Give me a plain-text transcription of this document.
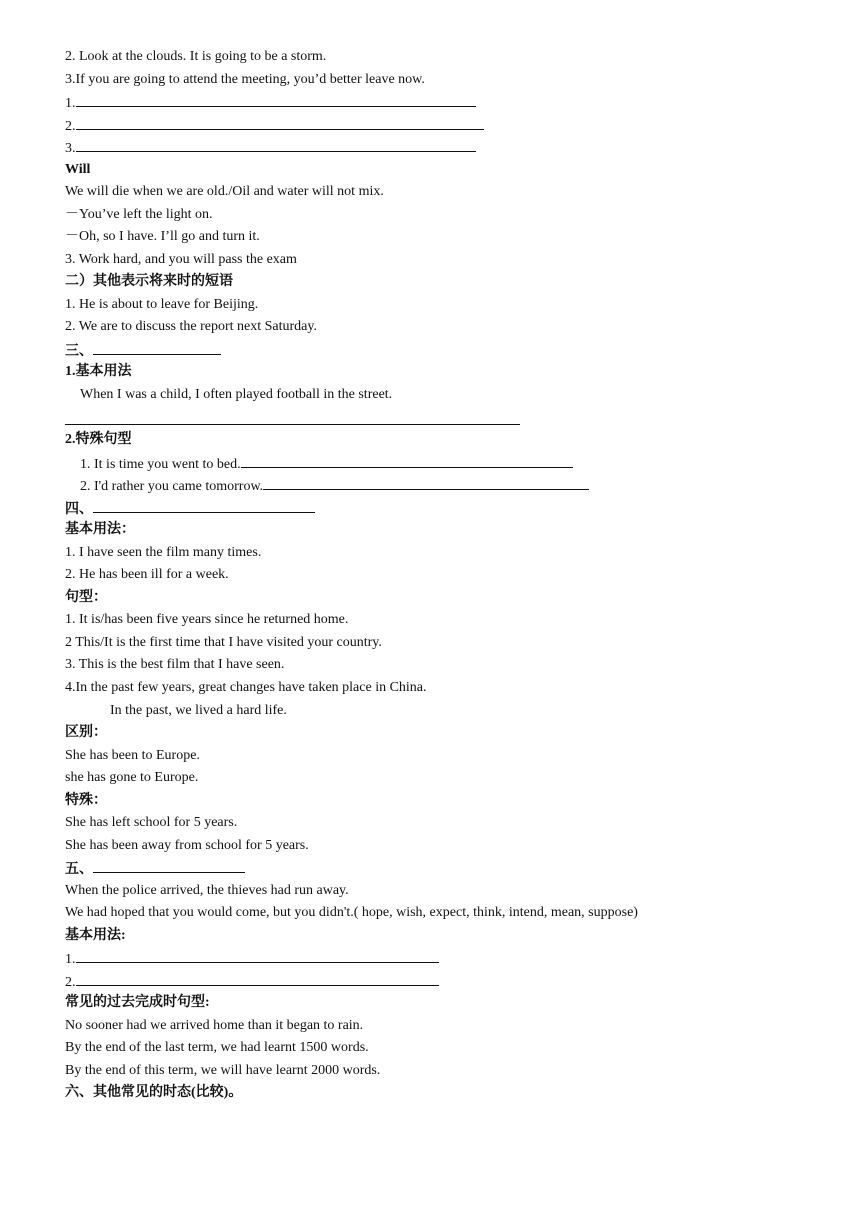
2. Look at the clouds. It is going to be a storm.
3.If you are going to attend the meeting, you’d better leave now.
1.
2.
3.
Will
We will die when we are old./Oil and water will not mix.
－You’ve left the light on.
－Oh, so I have. I’ll go and turn it.
3. Work hard, and you will pass the exam
二）其他表示将来时的短语
1. He is about to leave for Beijing.
2. We are to discuss the report next Saturday.
三、
1.基本用法
When I was a child, I often played football in the street.
2.特殊句型
1. It is time you went to bed.
2. I'd rather you came tomorrow.
四、
基本用法：
1. I have seen the film many times.
2. He has been ill for a week.
句型：
1. It is/has been five years since he returned home.
2 This/It is the first time that I have visited your country.
3. This is the best film that I have seen.
4.In the past few years, great changes have taken place in China.
In the past, we lived a hard life.
区别：
She has been to Europe.
she has gone to Europe.
特殊：
She has left school for 5 years.
She has been away from school for 5 years.
五、
When the police arrived, the thieves had run away.
We had hoped that you would come, but you didn't.( hope, wish, expect, think, intend, mean, suppose)
基本用法:
1.
2.
常见的过去完成时句型:
No sooner had we arrived home than it began to rain.
By the end of the last term, we had learnt 1500 words.
By the end of this term, we will have learnt 2000 words.
六、其他常见的时态(比较)。
